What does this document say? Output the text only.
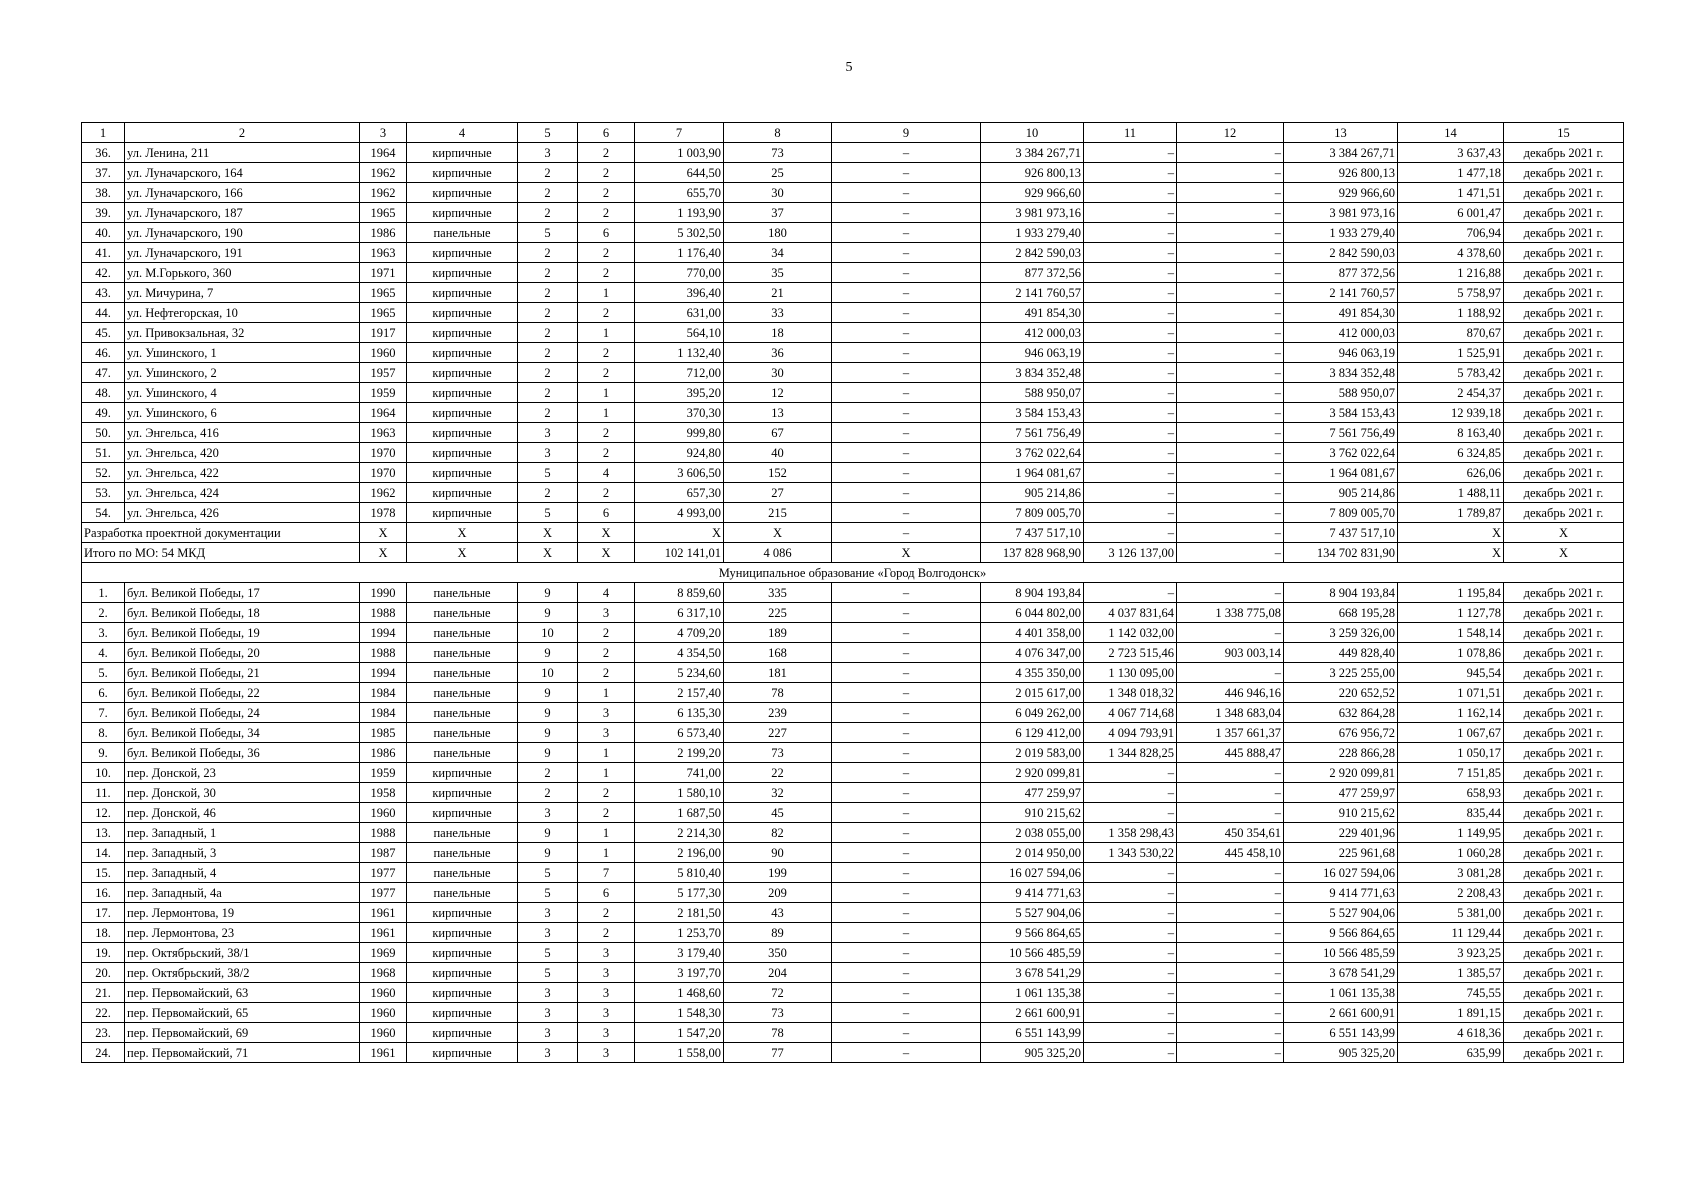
5
1	2	3	4	5	6	7	8	9	10	11	12	13	14	15
36.	ул. Ленина, 211	1964	кирпичные	3	2	1 003,90	73	–	3 384 267,71	–	–	3 384 267,71	3 637,43	декабрь 2021 г.
37.	ул. Луначарского, 164	1962	кирпичные	2	2	644,50	25	–	926 800,13	–	–	926 800,13	1 477,18	декабрь 2021 г.
38.	ул. Луначарского, 166	1962	кирпичные	2	2	655,70	30	–	929 966,60	–	–	929 966,60	1 471,51	декабрь 2021 г.
39.	ул. Луначарского, 187	1965	кирпичные	2	2	1 193,90	37	–	3 981 973,16	–	–	3 981 973,16	6 001,47	декабрь 2021 г.
40.	ул. Луначарского, 190	1986	панельные	5	6	5 302,50	180	–	1 933 279,40	–	–	1 933 279,40	706,94	декабрь 2021 г.
41.	ул. Луначарского, 191	1963	кирпичные	2	2	1 176,40	34	–	2 842 590,03	–	–	2 842 590,03	4 378,60	декабрь 2021 г.
42.	ул. М.Горького, 360	1971	кирпичные	2	2	770,00	35	–	877 372,56	–	–	877 372,56	1 216,88	декабрь 2021 г.
43.	ул. Мичурина, 7	1965	кирпичные	2	1	396,40	21	–	2 141 760,57	–	–	2 141 760,57	5 758,97	декабрь 2021 г.
44.	ул. Нефтегорская, 10	1965	кирпичные	2	2	631,00	33	–	491 854,30	–	–	491 854,30	1 188,92	декабрь 2021 г.
45.	ул. Привокзальная, 32	1917	кирпичные	2	1	564,10	18	–	412 000,03	–	–	412 000,03	870,67	декабрь 2021 г.
46.	ул. Ушинского, 1	1960	кирпичные	2	2	1 132,40	36	–	946 063,19	–	–	946 063,19	1 525,91	декабрь 2021 г.
47.	ул. Ушинского, 2	1957	кирпичные	2	2	712,00	30	–	3 834 352,48	–	–	3 834 352,48	5 783,42	декабрь 2021 г.
48.	ул. Ушинского, 4	1959	кирпичные	2	1	395,20	12	–	588 950,07	–	–	588 950,07	2 454,37	декабрь 2021 г.
49.	ул. Ушинского, 6	1964	кирпичные	2	1	370,30	13	–	3 584 153,43	–	–	3 584 153,43	12 939,18	декабрь 2021 г.
50.	ул. Энгельса, 416	1963	кирпичные	3	2	999,80	67	–	7 561 756,49	–	–	7 561 756,49	8 163,40	декабрь 2021 г.
51.	ул. Энгельса, 420	1970	кирпичные	3	2	924,80	40	–	3 762 022,64	–	–	3 762 022,64	6 324,85	декабрь 2021 г.
52.	ул. Энгельса, 422	1970	кирпичные	5	4	3 606,50	152	–	1 964 081,67	–	–	1 964 081,67	626,06	декабрь 2021 г.
53.	ул. Энгельса, 424	1962	кирпичные	2	2	657,30	27	–	905 214,86	–	–	905 214,86	1 488,11	декабрь 2021 г.
54.	ул. Энгельса, 426	1978	кирпичные	5	6	4 993,00	215	–	7 809 005,70	–	–	7 809 005,70	1 789,87	декабрь 2021 г.
Разработка проектной документации		X	X	X	X	X	X	–	7 437 517,10	–	–	7 437 517,10	X	X
Итого по МО: 54 МКД		X	X	X	X	102 141,01	4 086	X	137 828 968,90	3 126 137,00	–	134 702 831,90	X	X
Муниципальное образование «Город Волгодонск»														
1.	бул. Великой Победы, 17	1990	панельные	9	4	8 859,60	335	–	8 904 193,84	–	–	8 904 193,84	1 195,84	декабрь 2021 г.
2.	бул. Великой Победы, 18	1988	панельные	9	3	6 317,10	225	–	6 044 802,00	4 037 831,64	1 338 775,08	668 195,28	1 127,78	декабрь 2021 г.
3.	бул. Великой Победы, 19	1994	панельные	10	2	4 709,20	189	–	4 401 358,00	1 142 032,00	–	3 259 326,00	1 548,14	декабрь 2021 г.
4.	бул. Великой Победы, 20	1988	панельные	9	2	4 354,50	168	–	4 076 347,00	2 723 515,46	903 003,14	449 828,40	1 078,86	декабрь 2021 г.
5.	бул. Великой Победы, 21	1994	панельные	10	2	5 234,60	181	–	4 355 350,00	1 130 095,00	–	3 225 255,00	945,54	декабрь 2021 г.
6.	бул. Великой Победы, 22	1984	панельные	9	1	2 157,40	78	–	2 015 617,00	1 348 018,32	446 946,16	220 652,52	1 071,51	декабрь 2021 г.
7.	бул. Великой Победы, 24	1984	панельные	9	3	6 135,30	239	–	6 049 262,00	4 067 714,68	1 348 683,04	632 864,28	1 162,14	декабрь 2021 г.
8.	бул. Великой Победы, 34	1985	панельные	9	3	6 573,40	227	–	6 129 412,00	4 094 793,91	1 357 661,37	676 956,72	1 067,67	декабрь 2021 г.
9.	бул. Великой Победы, 36	1986	панельные	9	1	2 199,20	73	–	2 019 583,00	1 344 828,25	445 888,47	228 866,28	1 050,17	декабрь 2021 г.
10.	пер. Донской, 23	1959	кирпичные	2	1	741,00	22	–	2 920 099,81	–	–	2 920 099,81	7 151,85	декабрь 2021 г.
11.	пер. Донской, 30	1958	кирпичные	2	2	1 580,10	32	–	477 259,97	–	–	477 259,97	658,93	декабрь 2021 г.
12.	пер. Донской, 46	1960	кирпичные	3	2	1 687,50	45	–	910 215,62	–	–	910 215,62	835,44	декабрь 2021 г.
13.	пер. Западный, 1	1988	панельные	9	1	2 214,30	82	–	2 038 055,00	1 358 298,43	450 354,61	229 401,96	1 149,95	декабрь 2021 г.
14.	пер. Западный, 3	1987	панельные	9	1	2 196,00	90	–	2 014 950,00	1 343 530,22	445 458,10	225 961,68	1 060,28	декабрь 2021 г.
15.	пер. Западный, 4	1977	панельные	5	7	5 810,40	199	–	16 027 594,06	–	–	16 027 594,06	3 081,28	декабрь 2021 г.
16.	пер. Западный, 4а	1977	панельные	5	6	5 177,30	209	–	9 414 771,63	–	–	9 414 771,63	2 208,43	декабрь 2021 г.
17.	пер. Лермонтова, 19	1961	кирпичные	3	2	2 181,50	43	–	5 527 904,06	–	–	5 527 904,06	5 381,00	декабрь 2021 г.
18.	пер. Лермонтова, 23	1961	кирпичные	3	2	1 253,70	89	–	9 566 864,65	–	–	9 566 864,65	11 129,44	декабрь 2021 г.
19.	пер. Октябрьский, 38/1	1969	кирпичные	5	3	3 179,40	350	–	10 566 485,59	–	–	10 566 485,59	3 923,25	декабрь 2021 г.
20.	пер. Октябрьский, 38/2	1968	кирпичные	5	3	3 197,70	204	–	3 678 541,29	–	–	3 678 541,29	1 385,57	декабрь 2021 г.
21.	пер. Первомайский, 63	1960	кирпичные	3	3	1 468,60	72	–	1 061 135,38	–	–	1 061 135,38	745,55	декабрь 2021 г.
22.	пер. Первомайский, 65	1960	кирпичные	3	3	1 548,30	73	–	2 661 600,91	–	–	2 661 600,91	1 891,15	декабрь 2021 г.
23.	пер. Первомайский, 69	1960	кирпичные	3	3	1 547,20	78	–	6 551 143,99	–	–	6 551 143,99	4 618,36	декабрь 2021 г.
24.	пер. Первомайский, 71	1961	кирпичные	3	3	1 558,00	77	–	905 325,20	–	–	905 325,20	635,99	декабрь 2021 г.
